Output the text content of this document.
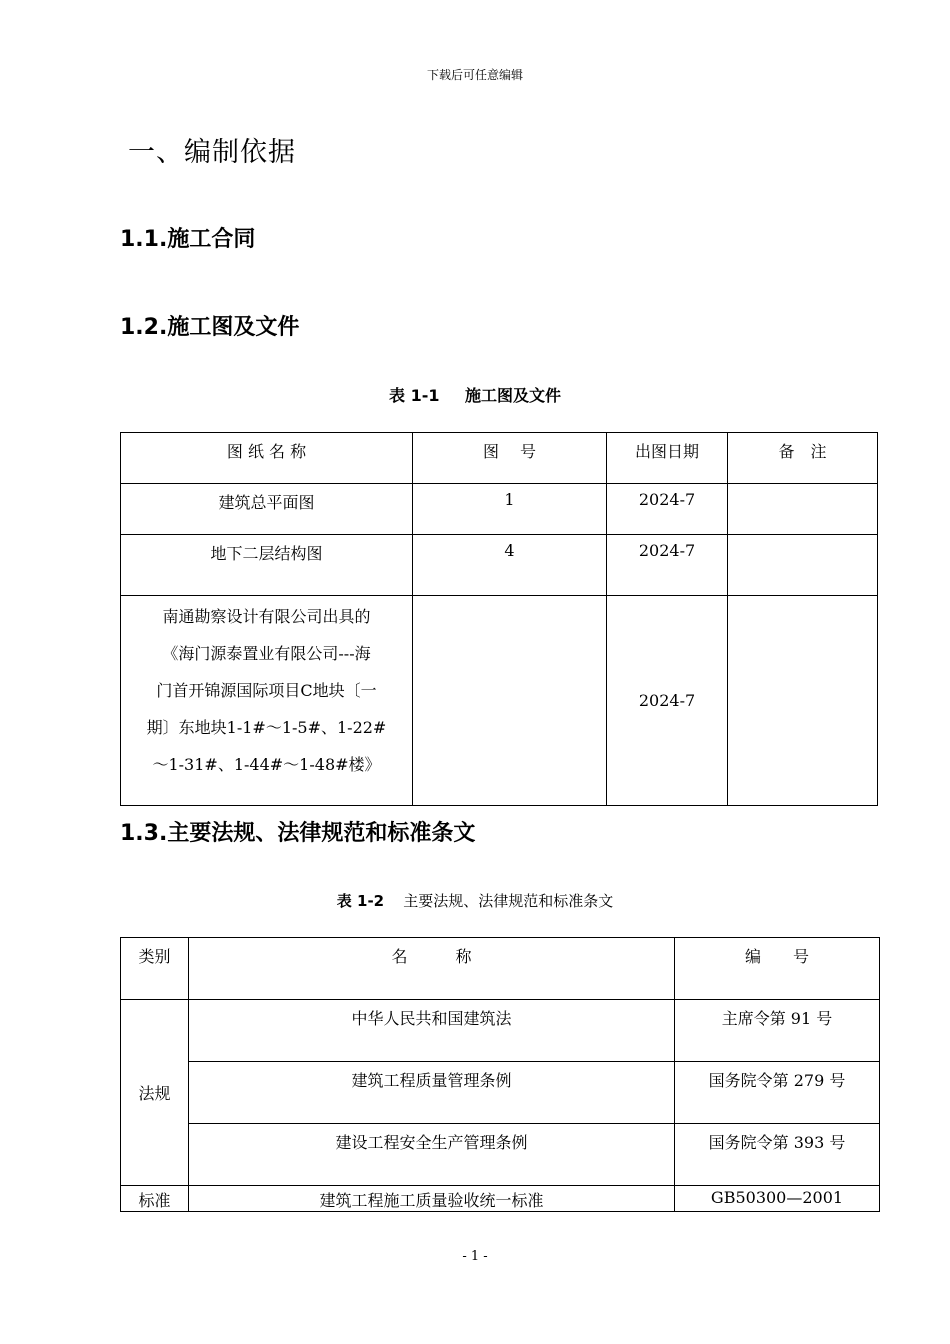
下载后可任意编辑
一、编制依据
1.1.施工合同
1.2.施工图及文件
表 1-1 施工图及文件
图 纸 名 称	图　 号	出图日期	备　注
建筑总平面图	1	2024-7	
地下二层结构图	4	2024-7	

南通勘察设计有限公司出具的
《海门源泰置业有限公司---海
门首开锦源国际项目C地块〔一
期〕东地块1-1#～1-5#、1-22#
～1-31#、1-44#～1-48#楼》		2024-7	
1.3.主要法规、法律规范和标准条文
表 1-2 主要法规、法律规范和标准条文
类别	名　　　称	编　　号
法规	中华人民共和国建筑法	主席令第 91 号
	建筑工程质量管理条例	国务院令第 279 号
	建设工程安全生产管理条例	国务院令第 393 号
标准	建筑工程施工质量验收统一标准	GB50300—2001
- 1 -
